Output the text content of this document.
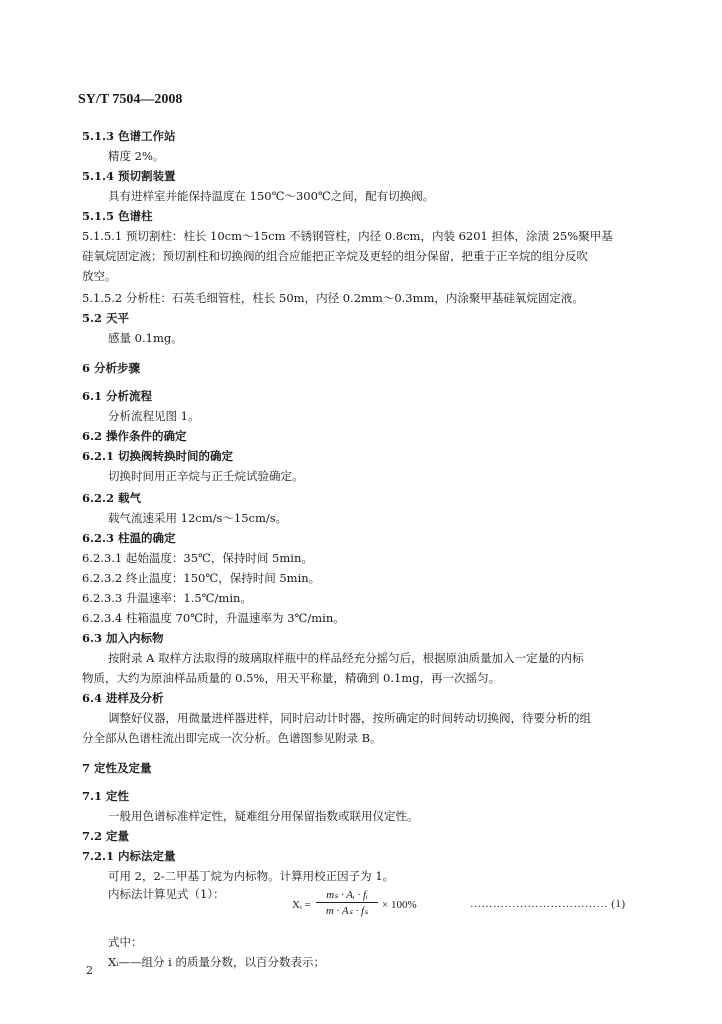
SY/T 7504—2008
5.1.3 色谱工作站
精度 2%。
5.1.4 预切割装置
具有进样室并能保持温度在 150℃～300℃之间，配有切换阀。
5.1.5 色谱柱
5.1.5.1 预切割柱：柱长 10cm～15cm 不锈钢管柱，内径 0.8cm，内装 6201 担体，涂渍 25%聚甲基
硅氧烷固定液；预切割柱和切换阀的组合应能把正辛烷及更轻的组分保留，把重于正辛烷的组分反吹
放空。
5.1.5.2 分析柱：石英毛细管柱，柱长 50m，内径 0.2mm～0.3mm，内涂聚甲基硅氧烷固定液。
5.2 天平
感量 0.1mg。
6 分析步骤
6.1 分析流程
分析流程见图 1。
6.2 操作条件的确定
6.2.1 切换阀转换时间的确定
切换时间用正辛烷与正壬烷试验确定。
6.2.2 载气
载气流速采用 12cm/s～15cm/s。
6.2.3 柱温的确定
6.2.3.1 起始温度：35℃，保持时间 5min。
6.2.3.2 终止温度：150℃，保持时间 5min。
6.2.3.3 升温速率：1.5℃/min。
6.2.3.4 柱箱温度 70℃时，升温速率为 3℃/min。
6.3 加入内标物
按附录 A 取样方法取得的玻璃取样瓶中的样品经充分摇匀后，根据原油质量加入一定量的内标
物质，大约为原油样品质量的 0.5%，用天平称量，精确到 0.1mg，再一次摇匀。
6.4 进样及分析
调整好仪器，用微量进样器进样，同时启动计时器，按所确定的时间转动切换阀，待要分析的组
分全部从色谱柱流出即完成一次分析。色谱图参见附录 B。
7 定性及定量
7.1 定性
一般用色谱标准样定性，疑难组分用保留指数或联用仪定性。
7.2 定量
7.2.1 内标法定量
可用 2，2-二甲基丁烷为内标物。计算用校正因子为 1。
内标法计算见式（1）：
式中：
Xᵢ——组分 i 的质量分数，以百分数表示；
Xᵢ = $\frac{\text{mₛ · Aᵢ · fᵢ}}{\text{m · Aₛ · fₛ}} \times 100\%$	……………………………… (1)
2
